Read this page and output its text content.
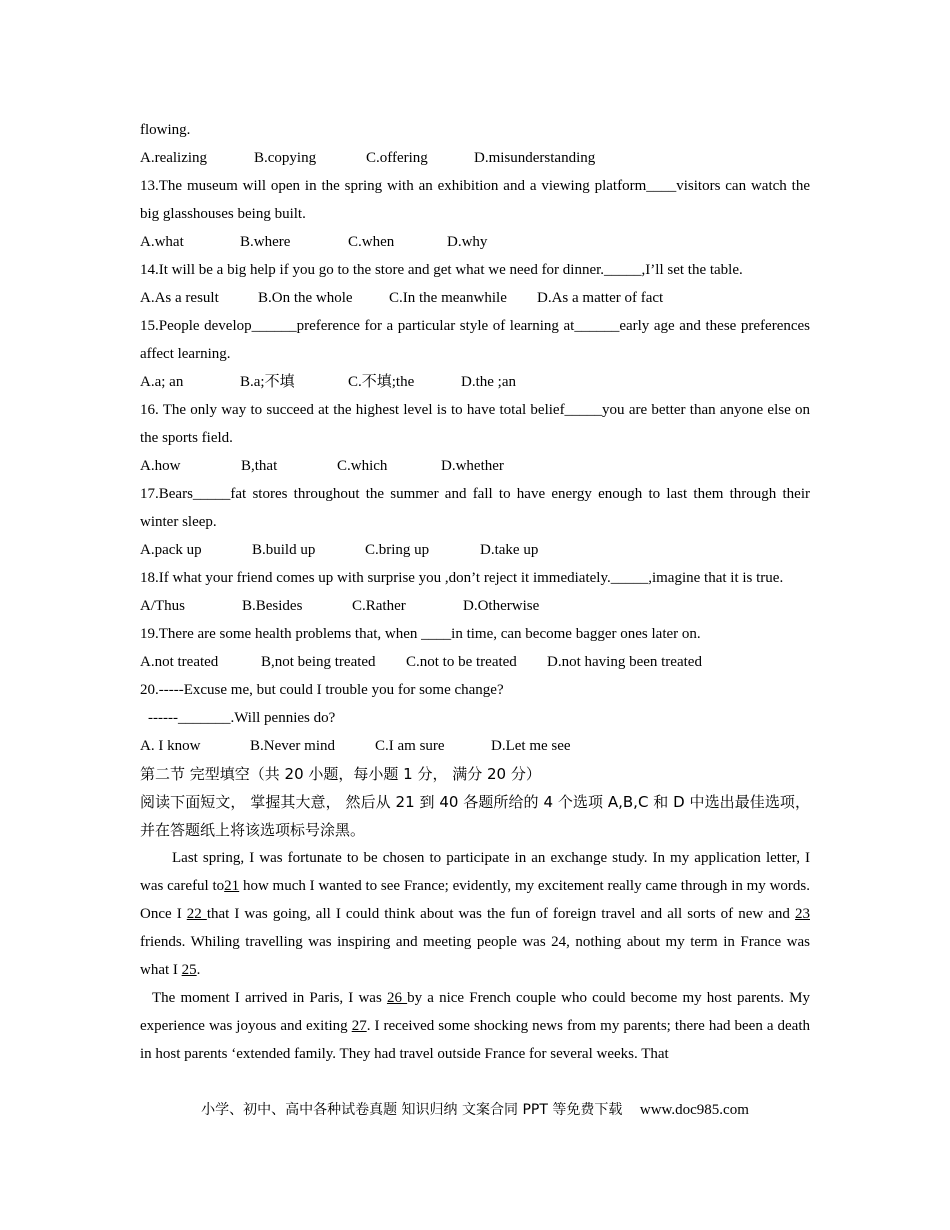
flowing.
A.realizing	B.copying	C.offering	D.misunderstanding
13.The museum will open in the spring with an exhibition and a viewing platform____visitors can watch the big glasshouses being built.
A.what	B.where	C.when	D.why
14.It will be a big help if you go to the store and get what we need for dinner._____,I’ll set the table.
A.As a result	B.On the whole	C.In the meanwhile	D.As a matter of fact
15.People develop______preference for a particular style of learning at______early age and these preferences affect learning.
A.a; an	B.a;不填	C.不填;the	D.the ;an
16. The only way to succeed at the highest level is to have total belief_____you are better than anyone else on the sports field.
A.how	B,that	C.which	D.whether
17.Bears_____fat stores throughout the summer and fall to have energy enough to last them through their winter sleep.
A.pack up	B.build up	C.bring up	D.take up
18.If what your friend comes up with surprise you ,don’t reject it immediately._____,imagine that it is true.
A/Thus	B.Besides	C.Rather	D.Otherwise
19.There are some health problems that, when ____in time, can become bagger ones later on.
A.not treated	B,not being treated	C.not to be treated	D.not having been treated
20.-----Excuse me, but could I trouble you for some change?
------_______.Will pennies do?
A. I know	B.Never mind	C.I am sure	D.Let me see
第二节 完型填空（共 20 小题，每小题 1 分， 满分 20 分）
阅读下面短文， 掌握其大意， 然后从 21 到 40 各题所给的 4 个选项 A,B,C 和 D 中选出最佳选项， 并在答题纸上将该选项标号涂黑。
Last spring, I was fortunate to be chosen to participate in an exchange study. In my application letter, I was careful to21 how much I wanted to see France; evidently, my excitement really came through in my words. Once I 22 that I was going, all I could think about was the fun of foreign travel and all sorts of new and 23 friends. Whiling travelling was inspiring and meeting people was 24, nothing about my term in France was what I 25.
The moment I arrived in Paris, I was 26 by a nice French couple who could become my host parents. My experience was joyous and exiting 27. I received some shocking news from my parents; there had been a death in host parents ‘extended family. They had travel outside France for several weeks. That
小学、初中、高中各种试卷真题 知识归纳 文案合同 PPT 等免费下载 www.doc985.com
